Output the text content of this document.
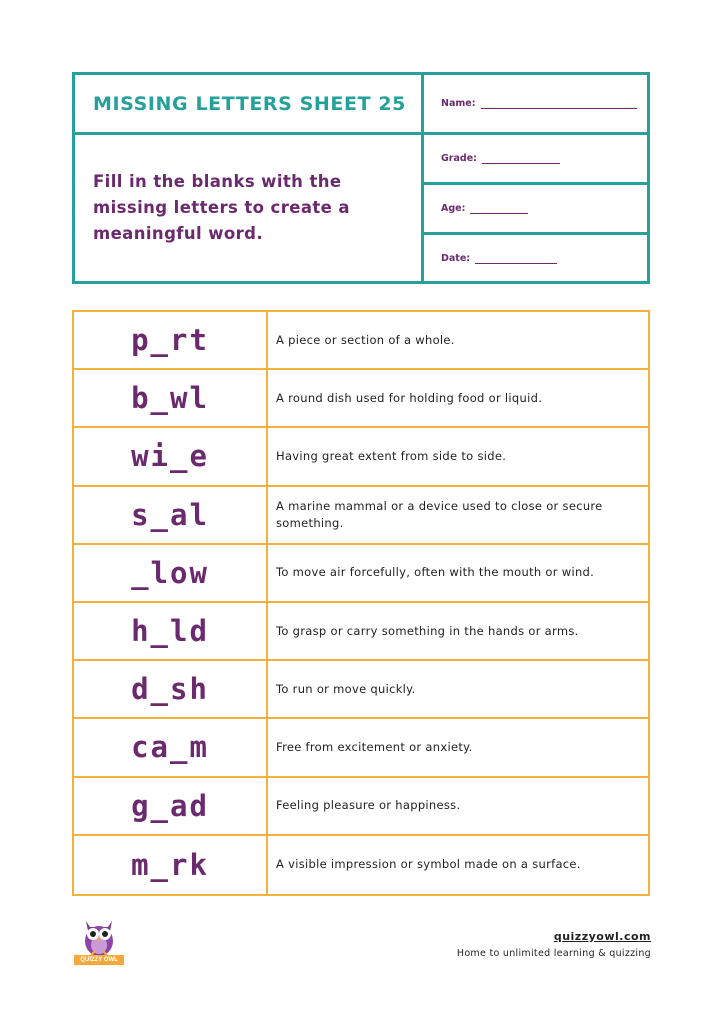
MISSING LETTERS SHEET 25
Fill in the blanks with the missing letters to create a meaningful word.
Name:
Grade:
Age:
Date:
p_rt	A piece or section of a whole.
b_wl	A round dish used for holding food or liquid.
wi_e	Having great extent from side to side.
s_al	A marine mammal or a device used to close or secure something.
_low	To move air forcefully, often with the mouth or wind.
h_ld	To grasp or carry something in the hands or arms.
d_sh	To run or move quickly.
ca_m	Free from excitement or anxiety.
g_ad	Feeling pleasure or happiness.
m_rk	A visible impression or symbol made on a surface.
QUIZZY OWL
quizzyowl.com
Home to unlimited learning & quizzing
